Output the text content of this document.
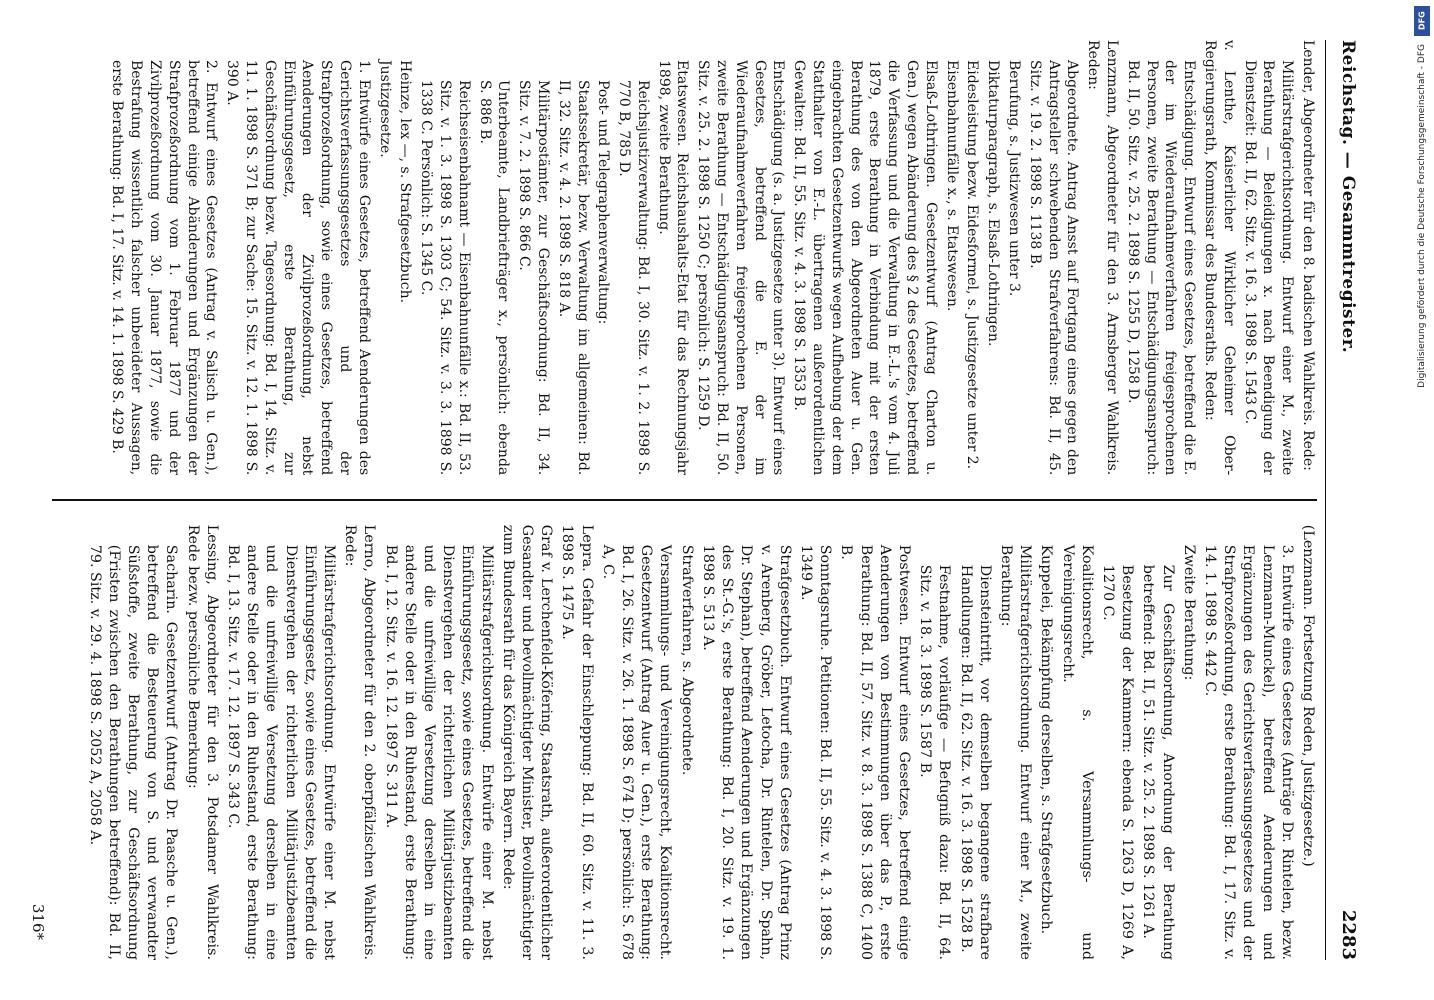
DFG
Digitalisierung gefördert durch die Deutsche Forschungsgemeinschaft - DFG
Reichstag. — Gesammtregister.
2283

Lender, Abgeordneter für den 8. badischen Wahlkreis. Rede:

Militärstrafgerichtsordnung. Entwurf einer M., zweite Berathung — Beleidigungen x. nach Beendigung der Dienstzeit: Bd. II, 62. Sitz. v. 16. 3. 1898 S. 1543 C.

v. Lenthe, Kaiserlicher Wirklicher Geheimer Ober-Regierungsrath, Kommissar des Bundesraths. Reden:

Entschädigung. Entwurf eines Gesetzes, betreffend die E. der im Wiederaufnahmeverfahren freigesprochenen Personen, zweite Berathung — Entschädigungsanspruch: Bd. II, 50. Sitz. v. 25. 2. 1898 S. 1255 D, 1258 D.

Lenzmann, Abgeordneter für den 3. Arnsberger Wahlkreis. Reden:

Abgeordnete. Antrag Ansst auf Fortgang eines gegen den Antragsteller schwebenden Strafverfahrens: Bd. II, 45. Sitz. v. 19. 2. 1898 S. 1138 B.

Berufung, s. Justizwesen unter 3.

Diktaturparagraph, s. Elsaß-Lothringen.

Eidesleistung bezw. Eidesformel, s. Justizgesetze unter 2.

Eisenbahnunfälle x., s. Etatswesen.

Elsaß-Lothringen. Gesetzentwurf (Antrag Charton u. Gen.) wegen Abänderung des § 2 des Gesetzes, betreffend die Verfassung und die Verwaltung in E.-L.'s vom 4. Juli 1879, erste Berathung in Verbindung mit der ersten Berathung des von den Abgeordneten Auer u. Gen. eingebrachten Gesetzentwurfs wegen Aufhebung der dem Statthalter von E.-L. übertragenen außerordentlichen Gewalten: Bd. II, 55. Sitz. v. 4. 3. 1898 S. 1353 B.

Entschädigung (s. a. Justizgesetze unter 3). Entwurf eines Gesetzes, betreffend die E. der im Wiederaufnahmeverfahren freigesprochenen Personen, zweite Berathung — Entschädigungsanspruch: Bd. II, 50. Sitz. v. 25. 2. 1898 S. 1250 C; persönlich: S. 1259 D.

Etatswesen. Reichshaushalts-Etat für das Rechnungsjahr 1898, zweite Berathung.

Reichsjustizverwaltung: Bd. I, 30. Sitz. v. 1. 2. 1898 S. 770 B, 785 D.

Post- und Telegraphenverwaltung:

Staatssekretär, bezw. Verwaltung im allgemeinen: Bd. II, 32. Sitz. v. 4. 2. 1898 S. 818 A.

Militärpostämter, zur Geschäftsordnung: Bd. II, 34. Sitz. v. 7. 2. 1898 S. 866 C.

Unterbeamte, Landbriefträger x., persönlich: ebenda S. 886 B.

Reichseisenbahnamt — Eisenbahnunfälle x.: Bd. II, 53. Sitz. v. 1. 3. 1898 S. 1303 C; 54. Sitz. v. 3. 3. 1898 S. 1338 C. Persönlich: S. 1345 C.

Heinze, lex —, s. Strafgesetzbuch.

Justizgesetze.

1. Entwürfe eines Gesetzes, betreffend Aenderungen des Gerichtsverfassungsgesetzes und der Strafprozeßordnung, sowie eines Gesetzes, betreffend Aenderungen der Zivilprozeßordnung, nebst Einführungsgesetz, erste Berathung, zur Geschäftsordnung bezw. Tagesordnung: Bd. I, 14. Sitz. v. 11. 1. 1898 S. 371 B; zur Sache: 15. Sitz. v. 12. 1. 1898 S. 390 A.

2. Entwurf eines Gesetzes (Antrag v. Salisch u. Gen.), betreffend einige Abänderungen und Ergänzungen der Strafprozeßordnung vom 1. Februar 1877 und der Zivilprozeßordnung vom 30. Januar 1877, sowie die Bestrafung wissentlich falscher unbeeideter Aussagen, erste Berathung: Bd. I, 17. Sitz. v. 14. 1. 1898 S. 429 B.

(Lenzmann. Fortsetzung Reden, Justizgesetze.)

3. Entwürfe eines Gesetzes (Anträge Dr. Rintelen, bezw. Lenzmann-Munckel), betreffend Aenderungen und Ergänzungen des Gerichtsverfassungsgesetzes und der Strafprozeßordnung, erste Berathung: Bd. I, 17. Sitz. v. 14. 1. 1898 S. 442 C.

Zweite Berathung:

Zur Geschäftsordnung, Anordnung der Berathung betreffend: Bd. II, 51. Sitz. v. 25. 2. 1898 S. 1261 A.

Besetzung der Kammern: ebenda S. 1263 D, 1269 A, 1270 C.

Koalitionsrecht, s. Versammlungs- und Vereinigungsrecht.

Kuppelei, Bekämpfung derselben, s. Strafgesetzbuch.

Militärstrafgerichtsordnung. Entwurf einer M., zweite Berathung:

Diensteintritt, vor demselben begangene strafbare Handlungen: Bd. II, 62. Sitz. v. 16. 3. 1898 S. 1528 B.

Festnahme, vorläufige — Befugniß dazu: Bd. II, 64. Sitz. v. 18. 3. 1898 S. 1587 B.

Postwesen. Entwurf eines Gesetzes, betreffend einige Aenderungen von Bestimmungen über das P., erste Berathung: Bd. II, 57. Sitz. v. 8. 3. 1898 S. 1388 C, 1400 B.

Sonntagsruhe. Petitionen: Bd. II, 55. Sitz. v. 4. 3. 1898 S. 1349 A.

Strafgesetzbuch. Entwurf eines Gesetzes (Antrag Prinz v. Arenberg, Gröber, Letocha, Dr. Rintelen, Dr. Spahn, Dr. Stephan), betreffend Aenderungen und Ergänzungen des St.-G.'s, erste Berathung: Bd. I, 20. Sitz. v. 19. 1. 1898 S. 513 A.

Strafverfahren, s. Abgeordnete.

Versammlungs- und Vereinigungsrecht, Koalitionsrecht. Gesetzentwurf (Antrag Auer u. Gen.), erste Berathung: Bd. I, 26. Sitz. v. 26. 1. 1898 S. 674 D; persönlich: S. 678 A, C.

Lepra. Gefahr der Einschleppung: Bd. II, 60. Sitz. v. 11. 3. 1898 S. 1475 A.

Graf v. Lerchenfeld-Köfering, Staatsrath, außerordentlicher Gesandter und bevollmächtigter Minister, Bevollmächtigter zum Bundesrath für das Königreich Bayern. Rede:

Militärstrafgerichtsordnung. Entwürfe einer M. nebst Einführungsgesetz, sowie eines Gesetzes, betreffend die Dienstvergehen der richterlichen Militärjustizbeamten und die unfreiwillige Versetzung derselben in eine andere Stelle oder in den Ruhestand, erste Berathung: Bd. I, 12. Sitz. v. 16. 12. 1897 S. 311 A.

Lerno, Abgeordneter für den 2. oberpfälzischen Wahlkreis. Rede:

Militärstrafgerichtsordnung. Entwürfe einer M. nebst Einführungsgesetz, sowie eines Gesetzes, betreffend die Dienstvergehen der richterlichen Militärjustizbeamten und die unfreiwillige Versetzung derselben in eine andere Stelle oder in den Ruhestand, erste Berathung: Bd. I, 13. Sitz. v. 17. 12. 1897 S. 343 C.

Lessing, Abgeordneter für den 3. Potsdamer Wahlkreis. Rede bezw. persönliche Bemerkung:

Sacharin. Gesetzentwurf (Antrag Dr. Paasche u. Gen.), betreffend die Besteuerung von S. und verwandter Süßstoffe, zweite Berathung, zur Geschäftsordnung (Fristen zwischen den Berathungen betreffend): Bd. II, 79. Sitz. v. 29. 4. 1898 S. 2052 A, 2058 A.

316*
